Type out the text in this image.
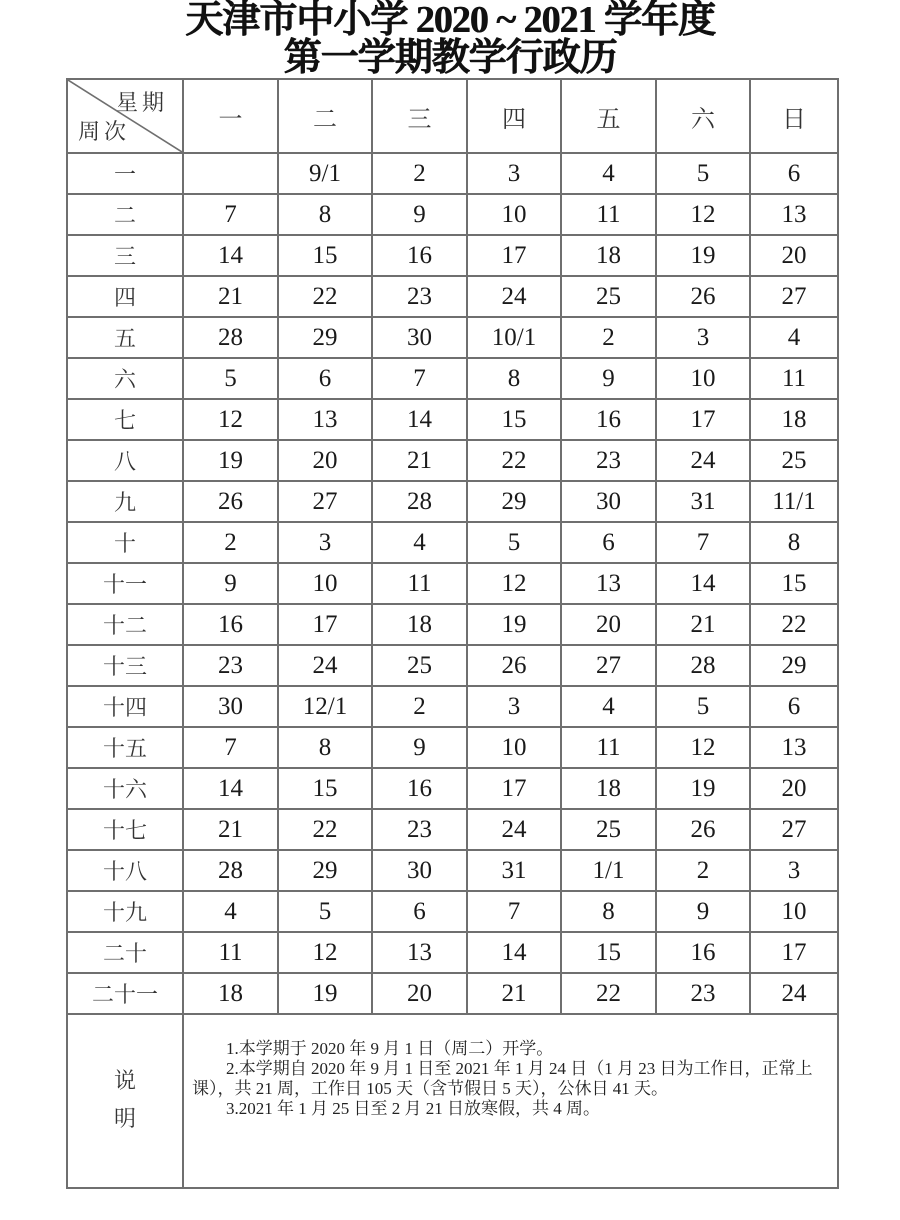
天津市中小学 2020 ~ 2021 学年度
第一学期教学行政历
星期
周次	一	二	三	四	五	六	日
一		9/1	2	3	4	5	6
二	7	8	9	10	11	12	13
三	14	15	16	17	18	19	20
四	21	22	23	24	25	26	27
五	28	29	30	10/1	2	3	4
六	5	6	7	8	9	10	11
七	12	13	14	15	16	17	18
八	19	20	21	22	23	24	25
九	26	27	28	29	30	31	11/1
十	2	3	4	5	6	7	8
十一	9	10	11	12	13	14	15
十二	16	17	18	19	20	21	22
十三	23	24	25	26	27	28	29
十四	30	12/1	2	3	4	5	6
十五	7	8	9	10	11	12	13
十六	14	15	16	17	18	19	20
十七	21	22	23	24	25	26	27
十八	28	29	30	31	1/1	2	3
十九	4	5	6	7	8	9	10
二十	11	12	13	14	15	16	17
二十一	18	19	20	21	22	23	24

说
明

1.本学期于 2020 年 9 月 1 日（周二）开学。

2.本学期自 2020 年 9 月 1 日至 2021 年 1 月 24 日（1 月 23 日为工作日，正常上课），共 21 周，工作日 105 天（含节假日 5 天），公休日 41 天。

3.2021 年 1 月 25 日至 2 月 21 日放寒假，共 4 周。
